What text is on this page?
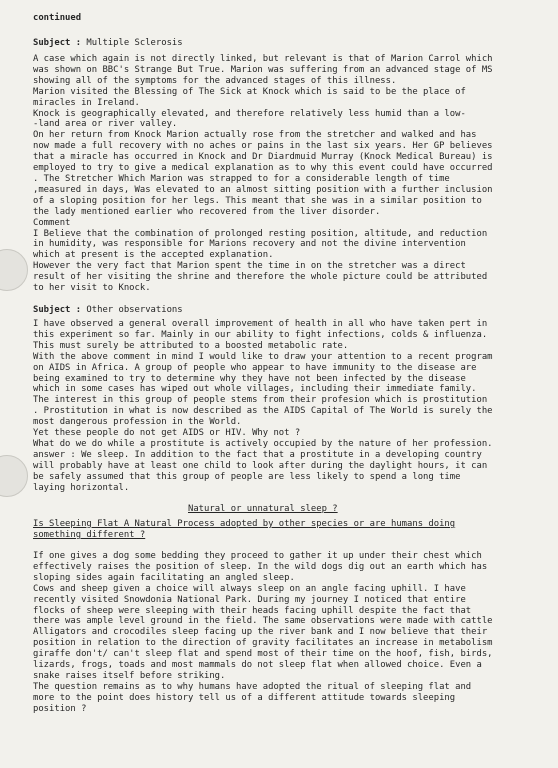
continued
Subject : Multiple Sclerosis
A case which again is not directly linked, but relevant is that of Marion Carrol which
was shown on BBC's Strange But True. Marion was suffering from an advanced stage of MS
showing all of the symptoms for the advanced stages of this illness.
Marion visited the Blessing of The Sick at Knock which is said to be the place of
miracles in Ireland.
Knock is geographically elevated, and therefore relatively less humid than a low-
-land area or river valley.
On her return from Knock Marion actually rose from the stretcher and walked and has
now made a full recovery with no aches or pains in the last six years. Her GP believes
that a miracle has occurred in Knock and Dr Diardmuid Murray (Knock Medical Bureau) is
employed to try to give a medical explanation as to why this event could have occurred
. The Stretcher Which Marion was strapped to for a considerable length of time
,measured in days, Was elevated to an almost sitting position with a further inclusion
of a sloping position for her legs. This meant that she was in a similar position to
the lady mentioned earlier who recovered from the liver disorder.
Comment
I Believe that the combination of prolonged resting position, altitude, and reduction
in humidity, was responsible for Marions recovery and not the divine intervention
which at present is the accepted explanation.
However the very fact that Marion spent the time in on the stretcher was a direct
result of her visiting the shrine and therefore the whole picture could be attributed
to her visit to Knock.
Subject : Other observations
I have observed a general overall improvement of health in all who have taken pert in
this experiment so far. Mainly in our ability to fight infections, colds & influenza.
This must surely be attributed to a boosted metabolic rate.
With the above comment in mind I would like to draw your attention to a recent program
on AIDS in Africa. A group of people who appear to have immunity to the disease are
being examined to try to determine why they have not been infected by the disease
which in some cases has wiped out whole villages, including their immediate family.
The interest in this group of people stems from their profesion which is prostitution
. Prostitution in what is now described as the AIDS Capital of The World is surely the
most dangerous profession in the World.
Yet these people do not get AIDS or HIV. Why not ?
What do we do while a prostitute is actively occupied by the nature of her profession.
answer : We sleep. In addition to the fact that a prostitute in a developing country
will probably have at least one child to look after during the daylight hours, it can
be safely assumed that this group of people are less likely to spend a long time
laying horizontal.
Natural or unnatural sleep ?
Is Sleeping Flat A Natural Process adopted by other species or are humans doing
something different ?
If one gives a dog some bedding they proceed to gather it up under their chest which
effectively raises the position of sleep. In the wild dogs dig out an earth which has
sloping sides again facilitating an angled sleep.
Cows and sheep given a choice will always sleep on an angle facing uphill. I have
recently visited Snowdonia National Park. During my journey I noticed that entire
flocks of sheep were sleeping with their heads facing uphill despite the fact that
there was ample level ground in the field. The same observations were made with cattle
Alligators and crocodiles sleep facing up the river bank and I now believe that their
position in relation to the direction of gravity facilitates an increase in metabolism
giraffe don't/ can't sleep flat and spend most of their time on the hoof, fish, birds,
lizards, frogs, toads and most mammals do not sleep flat when allowed choice. Even a
snake raises itself before striking.
The question remains as to why humans have adopted the ritual of sleeping flat and
more to the point does history tell us of a different attitude towards sleeping
position ?
